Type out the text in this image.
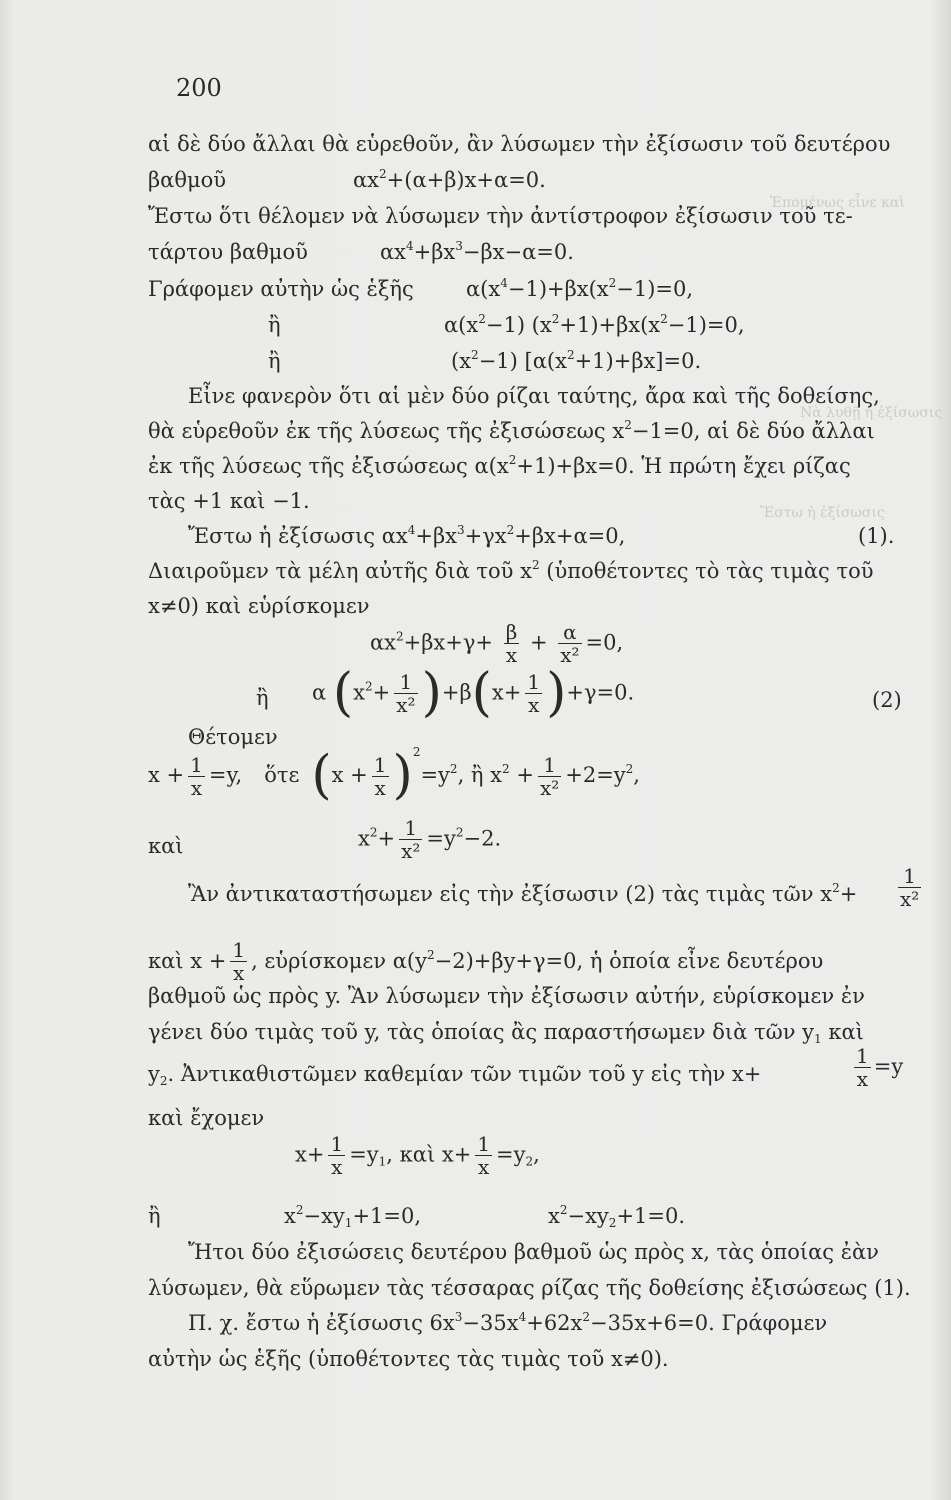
Ἐπομένως εἶνε καὶ
Νὰ λυθῇ ἡ ἐξίσωσις
Ἔστω ἡ ἐξίσωσις
200
αἱ δὲ δύο ἄλλαι θὰ εὑρεθοῦν, ἂν λύσωμεν τὴν ἐξίσωσιν τοῦ δευτέρου
βαθμοῦ	$\alpha x^2+(\alpha+\beta)x+\alpha=0$.
Ἔστω ὅτι θέλομεν νὰ λύσωμεν τὴν ἀντίστροφον ἐξίσωσιν τοῦ τε-
τάρτου βαθμοῦ	$\alpha x^4+\beta x^3-\beta x-\alpha=0$.
Γράφομεν αὐτὴν ὡς ἑξῆς $\alpha(x^4-1)+\beta x(x^2-1)=0$,
ἢ	$\alpha(x^2-1)$ $(x^2+1)+\beta x(x^2-1)=0$,
ἢ	$(x^2-1)$ $[\alpha(x^2+1)+\beta x]=0$.
Εἶνε φανερὸν ὅτι αἱ μὲν δύο ρίζαι ταύτης, ἄρα καὶ τῆς δοθείσης,
θὰ εὑρεθοῦν ἐκ τῆς λύσεως τῆς ἐξισώσεως $x^2-1=0$, αἱ δὲ δύο ἄλλαι
ἐκ τῆς λύσεως τῆς ἐξισώσεως $\alpha(x^2+1)+\beta x=0$. Ἡ πρώτη ἔχει ρίζας
τὰς +1 καὶ −1.
Ἔστω ἡ ἐξίσωσις $\alpha x^4+\beta x^3+\gamma x^2+\beta x+\alpha=0$,	(1).
Διαιροῦμεν τὰ μέλη αὐτῆς διὰ τοῦ $x^2$ (ὑποθέτοντες τὸ τὰς τιμὰς τοῦ
x≠0) καὶ εὑρίσκομεν
$\alpha x^2+\beta x+\gamma+ \frac{\beta}{x} + \frac{\alpha}{\text{x²}} =0$,
ἢ α $(x^2+ \frac{1}{\text{x²}} )+\beta(x+ \frac{1}{x} )+\gamma=0$.	(2)
Θέτομεν
$x + \frac{1}{x} =y$, ὅτε $(x + \frac{1}{x} )^2=y^2$, ἢ $x^2 + \frac{1}{\text{x²}} +2=y^2$,
καὶ	$x^2+ \frac{1}{\text{x²}} =y^2-2$.
Ἂν ἀντικαταστήσωμεν εἰς τὴν ἐξίσωσιν (2) τὰς τιμὰς τῶν $x^2+ \frac{1}{\text{x²}}$
καὶ $x + \frac{1}{x}$ , εὑρίσκομεν $\alpha(y^2-2)+\beta y+\gamma=0$, ἡ ὁποία εἶνε δευτέρου
βαθμοῦ ὡς πρὸς y. Ἂν λύσωμεν τὴν ἐξίσωσιν αὐτήν, εὑρίσκομεν ἐν
γένει δύο τιμὰς τοῦ y, τὰς ὁποίας ἂς παραστήσωμεν διὰ τῶν $y_1$ καὶ
$y_2$. Ἀντικαθιστῶμεν καθεμίαν τῶν τιμῶν τοῦ y εἰς τὴν x+	$\frac{1}{x} =y$
καὶ ἔχομεν
$x+ \frac{1}{x} =y_1$, καὶ $x+ \frac{1}{x} =y_2$,
ἢ	$x^2-xy_1+1=0$,	$x^2-xy_2+1=0$.
Ἤτοι δύο ἐξισώσεις δευτέρου βαθμοῦ ὡς πρὸς x, τὰς ὁποίας ἐὰν
λύσωμεν, θὰ εὕρωμεν τὰς τέσσαρας ρίζας τῆς δοθείσης ἐξισώσεως (1).
Π. χ. ἔστω ἡ ἐξίσωσις $6x^3-35x^4+62x^2-35x+6=0$. Γράφομεν
αὐτὴν ὡς ἑξῆς (ὑποθέτοντες τὰς τιμὰς τοῦ x≠0).
